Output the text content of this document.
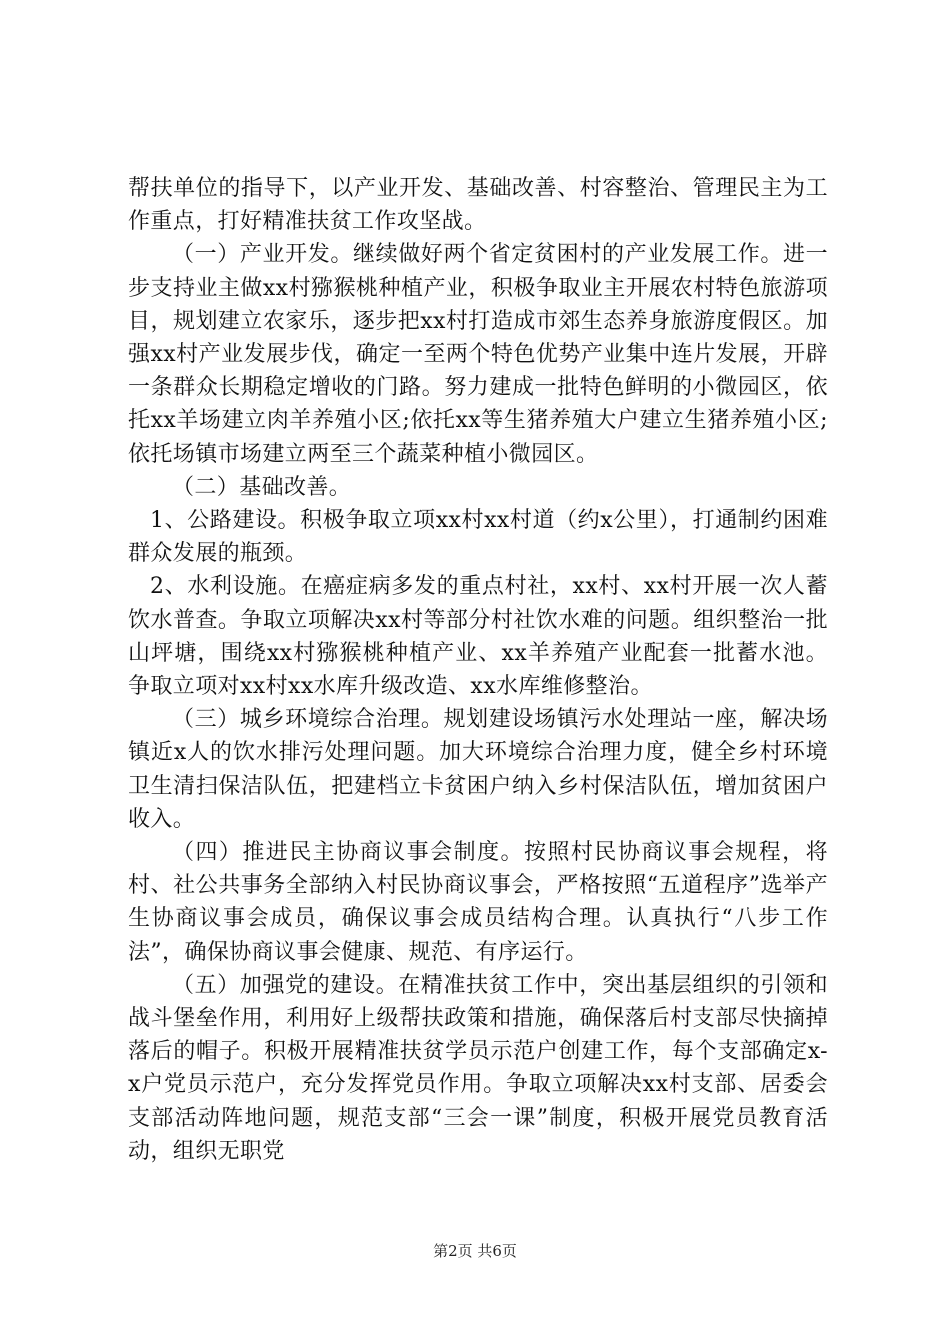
帮扶单位的指导下，以产业开发、基础改善、村容整治、管理民主为工作重点，打好精准扶贫工作攻坚战。

（一）产业开发。继续做好两个省定贫困村的产业发展工作。进一步支持业主做xx村猕猴桃种植产业，积极争取业主开展农村特色旅游项目，规划建立农家乐，逐步把xx村打造成市郊生态养身旅游度假区。加强xx村产业发展步伐，确定一至两个特色优势产业集中连片发展，开辟一条群众长期稳定增收的门路。努力建成一批特色鲜明的小微园区，依托xx羊场建立肉羊养殖小区;依托xx等生猪养殖大户建立生猪养殖小区;依托场镇市场建立两至三个蔬菜种植小微园区。

（二）基础改善。

1、公路建设。积极争取立项xx村xx村道（约x公里），打通制约困难群众发展的瓶颈。

2、水利设施。在癌症病多发的重点村社，xx村、xx村开展一次人蓄饮水普查。争取立项解决xx村等部分村社饮水难的问题。组织整治一批山坪塘，围绕xx村猕猴桃种植产业、xx羊养殖产业配套一批蓄水池。争取立项对xx村xx水库升级改造、xx水库维修整治。

（三）城乡环境综合治理。规划建设场镇污水处理站一座，解决场镇近x人的饮水排污处理问题。加大环境综合治理力度，健全乡村环境卫生清扫保洁队伍，把建档立卡贫困户纳入乡村保洁队伍，增加贫困户收入。

（四）推进民主协商议事会制度。按照村民协商议事会规程，将村、社公共事务全部纳入村民协商议事会，严格按照“五道程序”选举产生协商议事会成员，确保议事会成员结构合理。认真执行“八步工作法”，确保协商议事会健康、规范、有序运行。

（五）加强党的建设。在精准扶贫工作中，突出基层组织的引领和战斗堡垒作用，利用好上级帮扶政策和措施，确保落后村支部尽快摘掉落后的帽子。积极开展精准扶贫学员示范户创建工作，每个支部确定x-x户党员示范户，充分发挥党员作用。争取立项解决xx村支部、居委会支部活动阵地问题，规范支部“三会一课”制度，积极开展党员教育活动，组织无职党

第2页 共6页
